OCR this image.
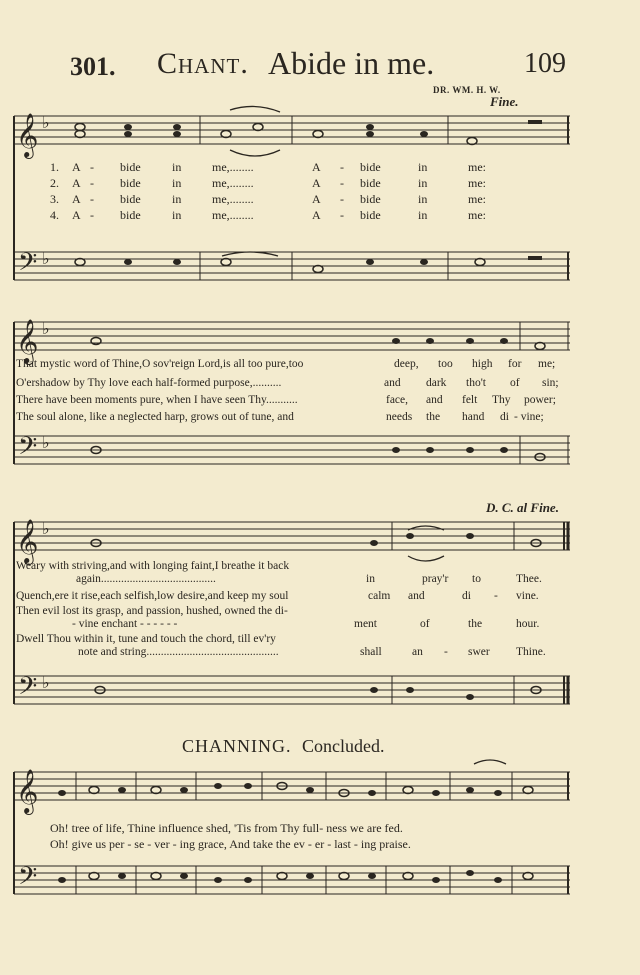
𝄞
𝄢
𝄞
𝄢
𝄞
𝄢
𝄞
𝄢
♭
♭
♭
♭
♭
♭
301. Chant. Abide in me.	109
DR. WM. H. W.
Fine.
D. C. al Fine.
1. A - bide	in	me,........	A - bide	in	me:
2. A - bide	in	me,........	A - bide	in	me:
3. A - bide	in	me,........	A - bide	in	me:
4. A - bide	in	me,........	A - bide	in	me:
That mystic word of Thine,O sov'reign Lord,is all too pure,too	deep, too high for me;
O'ershadow by Thy love each half-formed purpose,..........	and dark tho't of sin;
There have been moments pure, when I have seen Thy...........	face, and felt Thy power;
The soul alone, like a neglected harp, grows out of tune, and	needs the hand di - vine;
Weary with striving,and with longing faint,I breathe it back
again........................................	in	pray'r to	Thee.
Quench,ere it rise,each selfish,low desire,and keep my soul	calm and	di - vine.
Then evil lost its grasp, and passion, hushed, owned the di-
- vine enchant - - - - - -	ment	of	the	hour.
Dwell Thou within it, tune and touch the chord, till ev'ry
note and string..............................................	shall	an - swer Thine.
CHANNING. Concluded.
Oh! tree of life, Thine influence shed, 'Tis from Thy full- ness we are fed.
Oh! give us per - se - ver - ing grace, And take the ev - er - last - ing praise.
